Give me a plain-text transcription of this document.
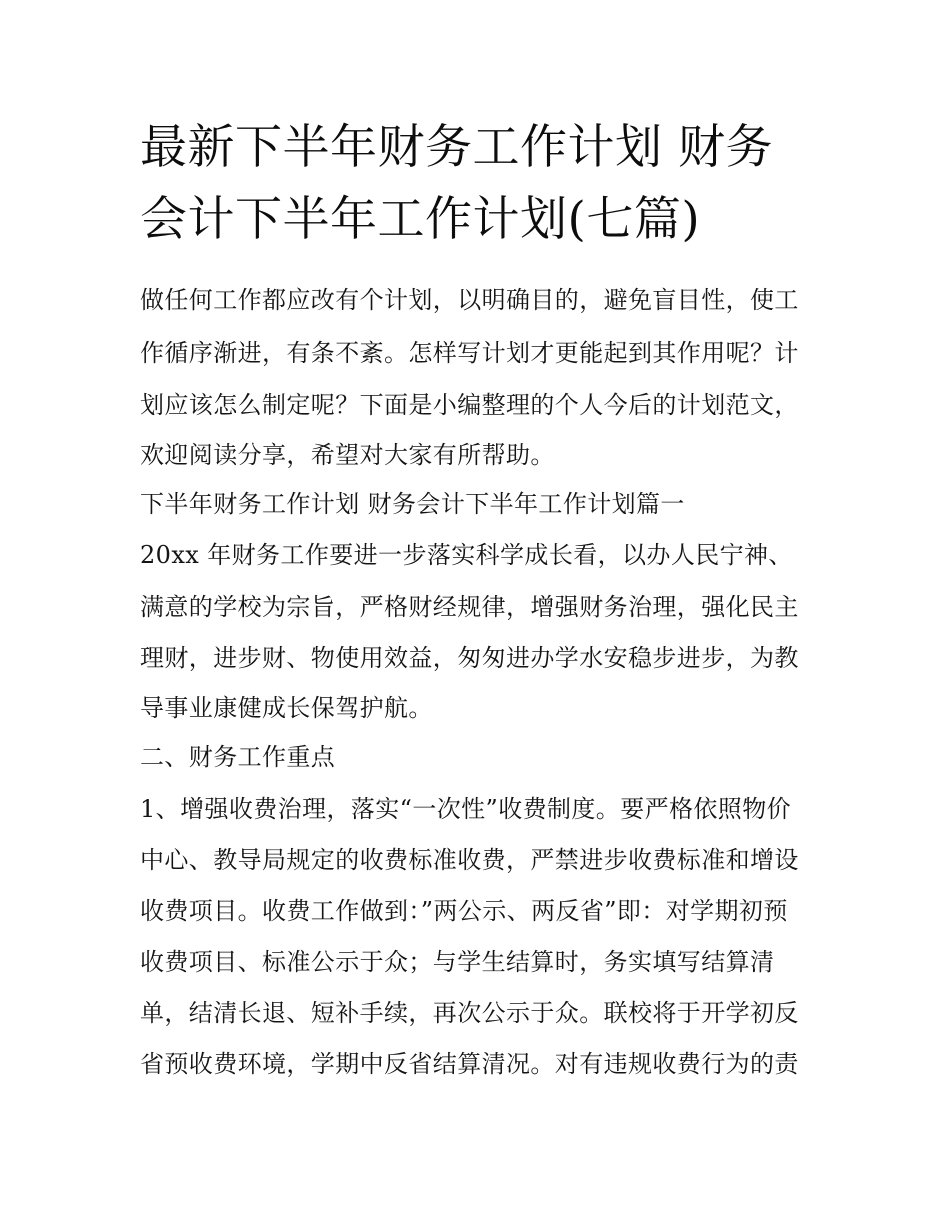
最新下半年财务工作计划 财务
会计下半年工作计划(七篇)
做任何工作都应改有个计划，以明确目的，避免盲目性，使工
作循序渐进，有条不紊。怎样写计划才更能起到其作用呢？计
划应该怎么制定呢？下面是小编整理的个人今后的计划范文，
欢迎阅读分享，希望对大家有所帮助。
下半年财务工作计划 财务会计下半年工作计划篇一
20xx 年财务工作要进一步落实科学成长看，以办人民宁神、
满意的学校为宗旨，严格财经规律，增强财务治理，强化民主
理财，进步财、物使用效益，匆匆进办学水安稳步进步，为教
导事业康健成长保驾护航。
二、财务工作重点
1、增强收费治理，落实“一次性”收费制度。要严格依照物价
中心、教导局规定的收费标准收费，严禁进步收费标准和增设
收费项目。收费工作做到：”两公示、两反省”即：对学期初预
收费项目、标准公示于众；与学生结算时，务实填写结算清
单，结清长退、短补手续，再次公示于众。联校将于开学初反
省预收费环境，学期中反省结算清况。对有违规收费行为的责
